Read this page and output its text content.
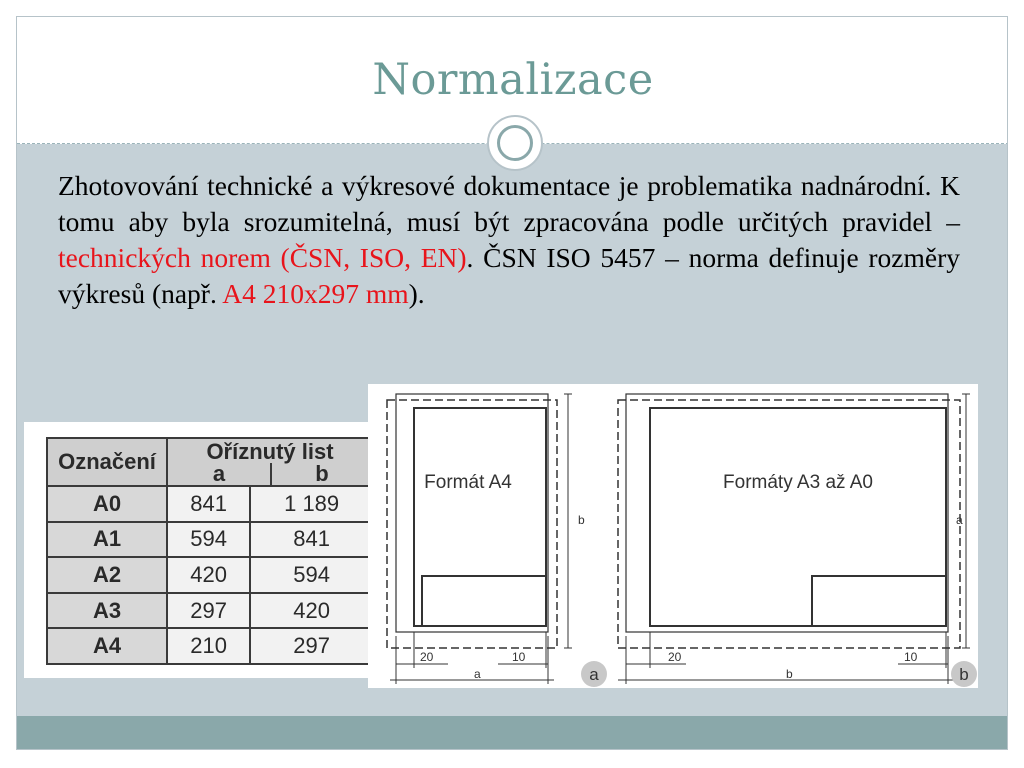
Normalizace

Zhotovování technické a výkresové dokumentace je problematika nadnárodní. K tomu aby byla srozumitelná, musí být zpracována podle určitých pravidel – technických norem (ČSN, ISO, EN). ČSN ISO 5457 – norma definuje rozměry výkresů (např. A4 210x297 mm).

Označení	Oříznutý list
a b	

A0	841	1 189
A1	594	841
A2	420	594
A3	297	420
A4	210	297
Formát A4
20	10
a
b
a
Formáty A3 až A0
20	10
b
a
b
